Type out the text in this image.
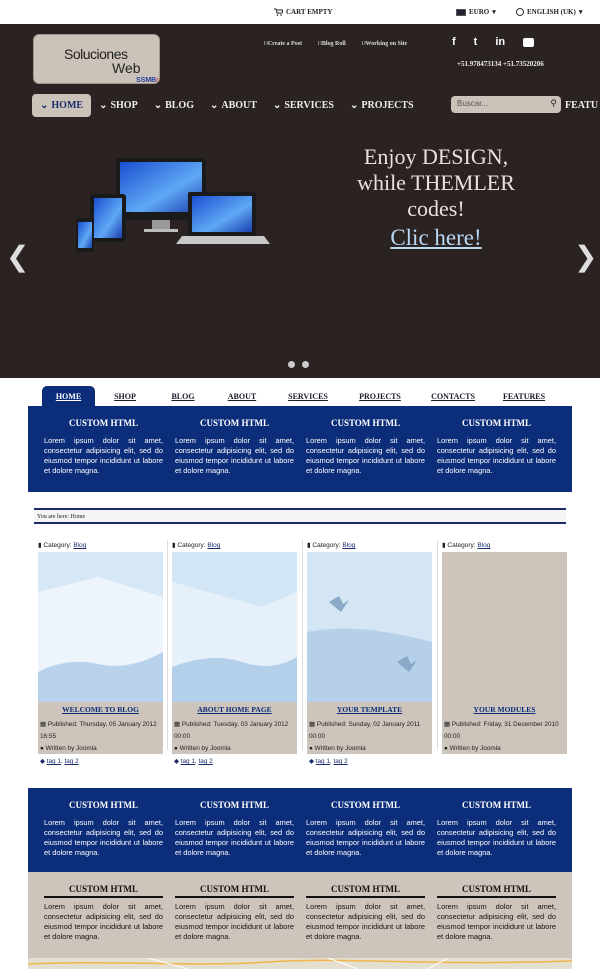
CART EMPTY	EURO ▾	ENGLISH (UK) ▾
Soluciones
Web
SSMBr
∷ Create a Post	∷ Blog Roll	∷ Working on Site	f t in
+51.978473134 +51.73520206
⌄ HOME ⌄ SHOP ⌄ BLOG ⌄ ABOUT ⌄ SERVICES ⌄ PROJECTS	Buscar...	⚲ FEATU
Enjoy DESIGN,
while THEMLER
codes!
Clic here!
❮	❯
HOME	SHOP	BLOG	ABOUT	SERVICES	PROJECTS	CONTACTS	FEATURES
CUSTOM HTML

Lorem ipsum dolor sit amet, consectetur adipisicing elit, sed do eiusmod tempor incididunt ut labore et dolore magna.

CUSTOM HTML

Lorem ipsum dolor sit amet, consectetur adipisicing elit, sed do eiusmod tempor incididunt ut labore et dolore magna.

CUSTOM HTML

Lorem ipsum dolor sit amet, consectetur adipisicing elit, sed do eiusmod tempor incididunt ut labore et dolore magna.

CUSTOM HTML

Lorem ipsum dolor sit amet, consectetur adipisicing elit, sed do eiusmod tempor incididunt ut labore et dolore magna.

You are here: Home
▮ Category: Blog
WELCOME TO BLOG
▦ Published: Thursday, 05 January 2012 16:55
● Written by Joomla
◆ tag 1, tag 2
▮ Category: Blog
ABOUT HOME PAGE
▦ Published: Tuesday, 03 January 2012 00:00
● Written by Joomla
◆ tag 1, tag 2
▮ Category: Blog
YOUR TEMPLATE
▦ Published: Sunday, 02 January 2011 00:00
● Written by Joomla
◆ tag 1, tag 2
▮ Category: Blog
YOUR MODULES
▦ Published: Friday, 31 December 2010 00:00
● Written by Joomla
CUSTOM HTML

Lorem ipsum dolor sit amet, consectetur adipisicing elit, sed do eiusmod tempor incididunt ut labore et dolore magna.

CUSTOM HTML

Lorem ipsum dolor sit amet, consectetur adipisicing elit, sed do eiusmod tempor incididunt ut labore et dolore magna.

CUSTOM HTML

Lorem ipsum dolor sit amet, consectetur adipisicing elit, sed do eiusmod tempor incididunt ut labore et dolore magna.

CUSTOM HTML

Lorem ipsum dolor sit amet, consectetur adipisicing elit, sed do eiusmod tempor incididunt ut labore et dolore magna.

CUSTOM HTML

Lorem ipsum dolor sit amet, consectetur adipisicing elit, sed do eiusmod tempor incididunt ut labore et dolore magna.

CUSTOM HTML

Lorem ipsum dolor sit amet, consectetur adipisicing elit, sed do eiusmod tempor incididunt ut labore et dolore magna.

CUSTOM HTML

Lorem ipsum dolor sit amet, consectetur adipisicing elit, sed do eiusmod tempor incididunt ut labore et dolore magna.

CUSTOM HTML

Lorem ipsum dolor sit amet, consectetur adipisicing elit, sed do eiusmod tempor incididunt ut labore et dolore magna.
